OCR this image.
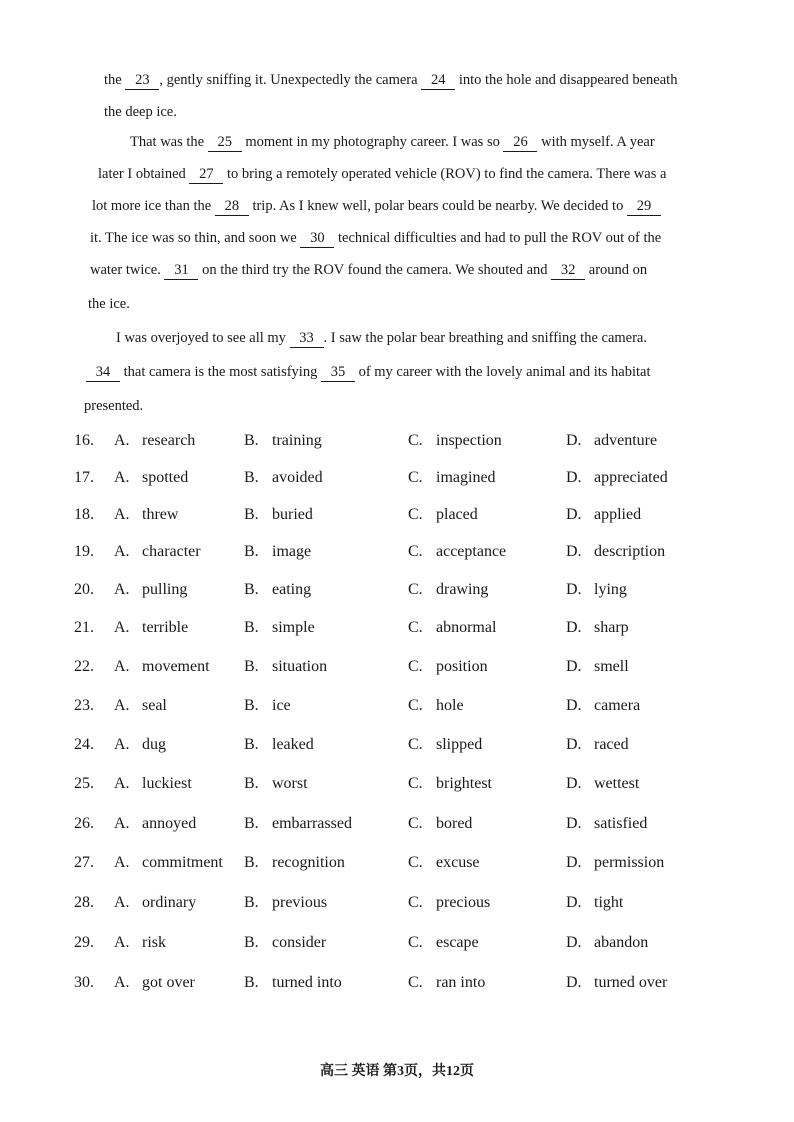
the 23 , gently sniffing it. Unexpectedly the camera 24 into the hole and disappeared beneath
the deep ice.
That was the 25 moment in my photography career. I was so 26 with myself. A year
later I obtained 27 to bring a remotely operated vehicle (ROV) to find the camera. There was a
lot more ice than the 28 trip. As I knew well, polar bears could be nearby. We decided to 29
it. The ice was so thin, and soon we 30 technical difficulties and had to pull the ROV out of the
water twice. 31 on the third try the ROV found the camera. We shouted and 32 around on
the ice.
I was overjoyed to see all my 33 . I saw the polar bear breathing and sniffing the camera.
34 that camera is the most satisfying 35 of my career with the lovely animal and its habitat
presented.
16. A. research	B. training	C. inspection	D. adventure
17. A. spotted	B. avoided	C. imagined	D. appreciated
18. A. threw	B. buried	C. placed	D. applied
19. A. character	B. image	C. acceptance	D. description
20. A. pulling	B. eating	C. drawing	D. lying
21. A. terrible	B. simple	C. abnormal	D. sharp
22. A. movement B. situation	C. position	D. smell
23. A. seal	B. ice	C. hole	D. camera
24. A. dug	B. leaked	C. slipped	D. raced
25. A. luckiest	B. worst	C. brightest	D. wettest
26. A. annoyed	B. embarrassed	C. bored	D. satisfied
27. A. commitment B. recognition	C. excuse	D. permission
28. A. ordinary	B. previous	C. precious	D. tight
29. A. risk	B. consider	C. escape	D. abandon
30. A. got over	B. turned into	C. ran into	D. turned over
高三 英语 第3页，共12页
